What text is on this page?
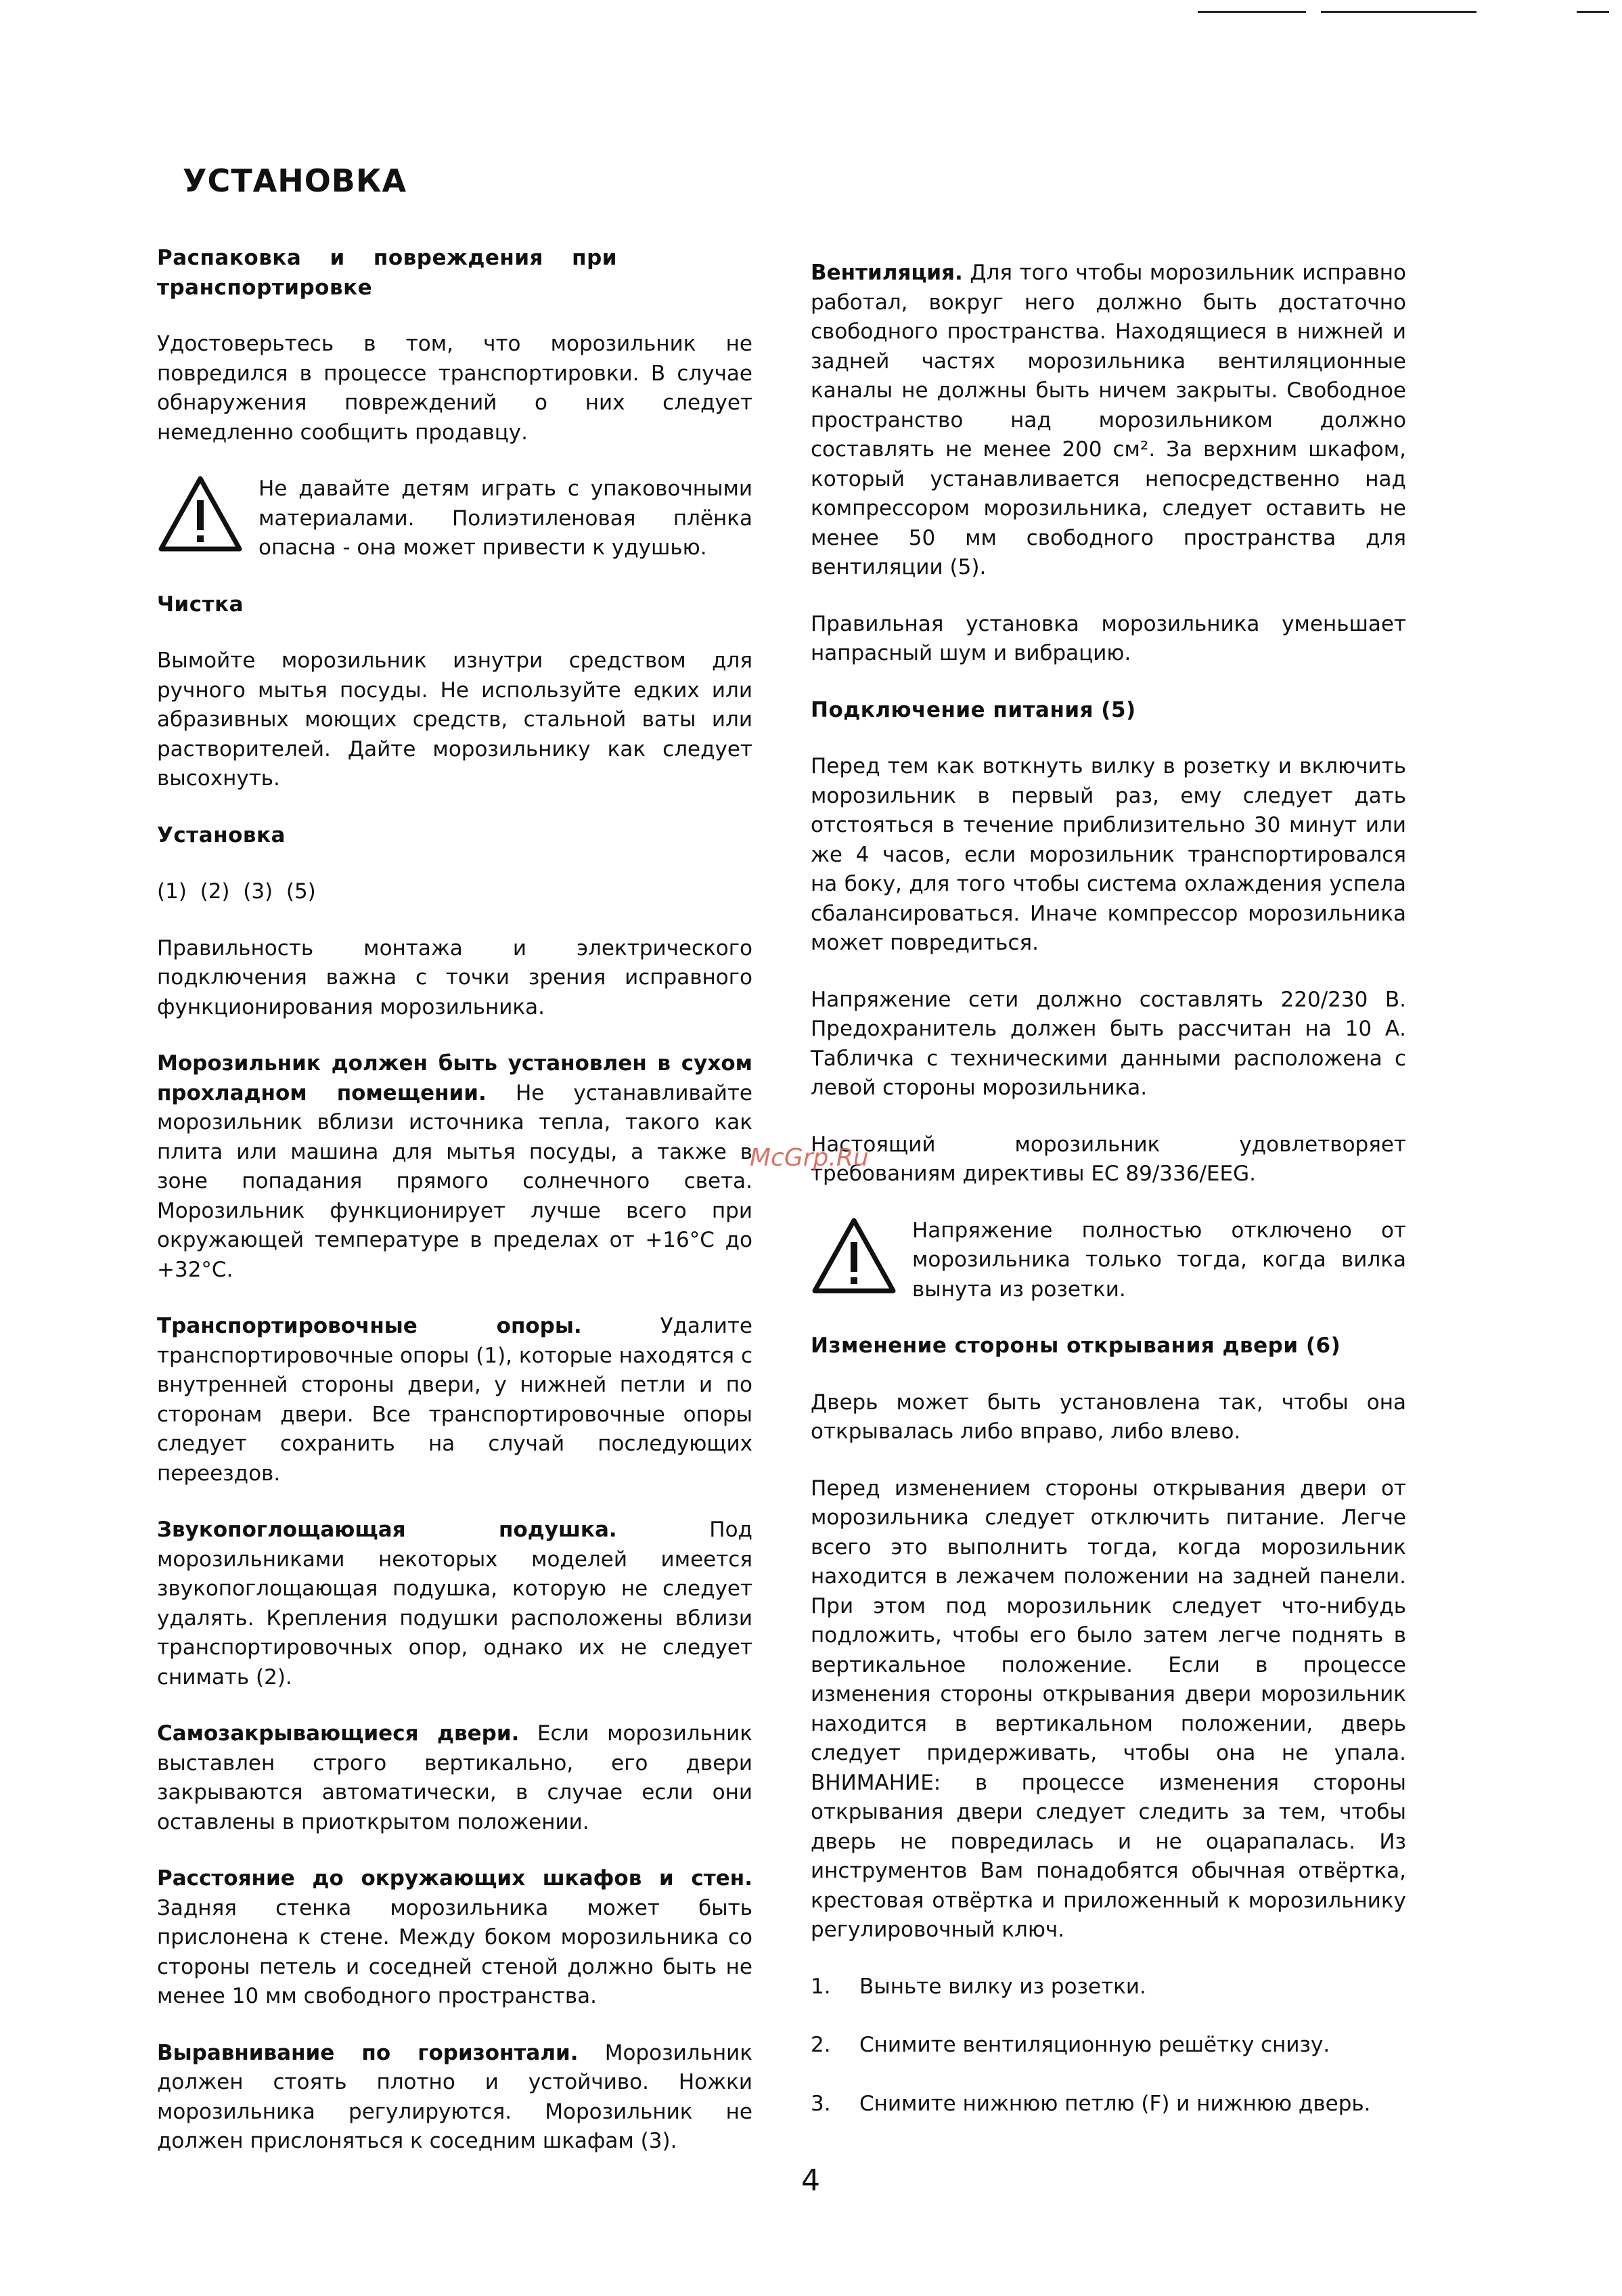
УСТАНОВКА

Распаковка и повреждения при транспортировке

Удостоверьтесь в том, что морозильник не повредился в процессе транспортировки. В случае обнаружения повреждений о них следует немедленно сообщить продавцу.

Не давайте детям играть с упаковочными материалами. Полиэтиленовая плёнка опасна - она может привести к удушью.

Чистка

Вымойте морозильник изнутри средством для ручного мытья посуды. Не используйте едких или абразивных моющих средств, стальной ваты или растворителей. Дайте морозильнику как следует высохнуть.

Установка

(1)  (2)  (3)  (5)

Правильность монтажа и электрического подключения важна с точки зрения исправного функционирования морозильника.

Морозильник должен быть установлен в сухом прохладном помещении. Не устанавливайте морозильник вблизи источника тепла, такого как плита или машина для мытья посуды, а также в зоне попадания прямого солнечного света. Морозильник функционирует лучше всего при окружающей температуре в пределах от +16°C до +32°C.

Транспортировочные опоры. Удалите транспортировочные опоры (1), которые находятся с внутренней стороны двери, у нижней петли и по сторонам двери. Все транспортировочные опоры следует сохранить на случай последующих переездов.

Звукопоглощающая подушка. Под морозильниками некоторых моделей имеется звукопоглощающая подушка, которую не следует удалять. Крепления подушки расположены вблизи транспортировочных опор, однако их не следует снимать (2).

Самозакрывающиеся двери. Если морозильник выставлен строго вертикально, его двери закрываются автоматически, в случае если они оставлены в приоткрытом положении.

Расстояние до окружающих шкафов и стен. Задняя стенка морозильника может быть прислонена к стене. Между боком морозильника со стороны петель и соседней стеной должно быть не менее 10 мм свободного пространства.

Выравнивание по горизонтали. Морозильник должен стоять плотно и устойчиво. Ножки морозильника регулируются. Морозильник не должен прислоняться к соседним шкафам (3).

Вентиляция. Для того чтобы морозильник исправно работал, вокруг него должно быть достаточно свободного пространства. Находящиеся в нижней и задней частях морозильника вентиляционные каналы не должны быть ничем закрыты. Свободное пространство над морозильником должно составлять не менее 200 см². За верхним шкафом, который устанавливается непосредственно над компрессором морозильника, следует оставить не менее 50 мм свободного пространства для вентиляции (5).

Правильная установка морозильника уменьшает напрасный шум и вибрацию.

Подключение питания (5)

Перед тем как воткнуть вилку в розетку и включить морозильник в первый раз, ему следует дать отстояться в течение приблизительно 30 минут или же 4 часов, если морозильник транспортировался на боку, для того чтобы система охлаждения успела сбалансироваться. Иначе компрессор морозильника может повредиться.

Напряжение сети должно составлять 220/230 В. Предохранитель должен быть рассчитан на 10 А. Табличка с техническими данными расположена с левой стороны морозильника.

Настоящий морозильник удовлетворяет требованиям директивы ЕС 89/336/EEG.

Напряжение полностью отключено от морозильника только тогда, когда вилка вынута из розетки.

Изменение стороны открывания двери (6)

Дверь может быть установлена так, чтобы она открывалась либо вправо, либо влево.

Перед изменением стороны открывания двери от морозильника следует отключить питание. Легче всего это выполнить тогда, когда морозильник находится в лежачем положении на задней панели. При этом под морозильник следует что-нибудь подложить, чтобы его было затем легче поднять в вертикальное положение. Если в процессе изменения стороны открывания двери морозильник находится в вертикальном положении, дверь следует придерживать, чтобы она не упала. ВНИМАНИЕ: в процессе изменения стороны открывания двери следует следить за тем, чтобы дверь не повредилась и не оцарапалась. Из инструментов Вам понадобятся обычная отвёртка, крестовая отвёртка и приложенный к морозильнику регулировочный ключ.

1.	Выньте вилку из розетки.
2.	Снимите вентиляционную решётку снизу.
3.	Снимите нижнюю петлю (F) и нижнюю дверь.
McGrp.Ru
4
